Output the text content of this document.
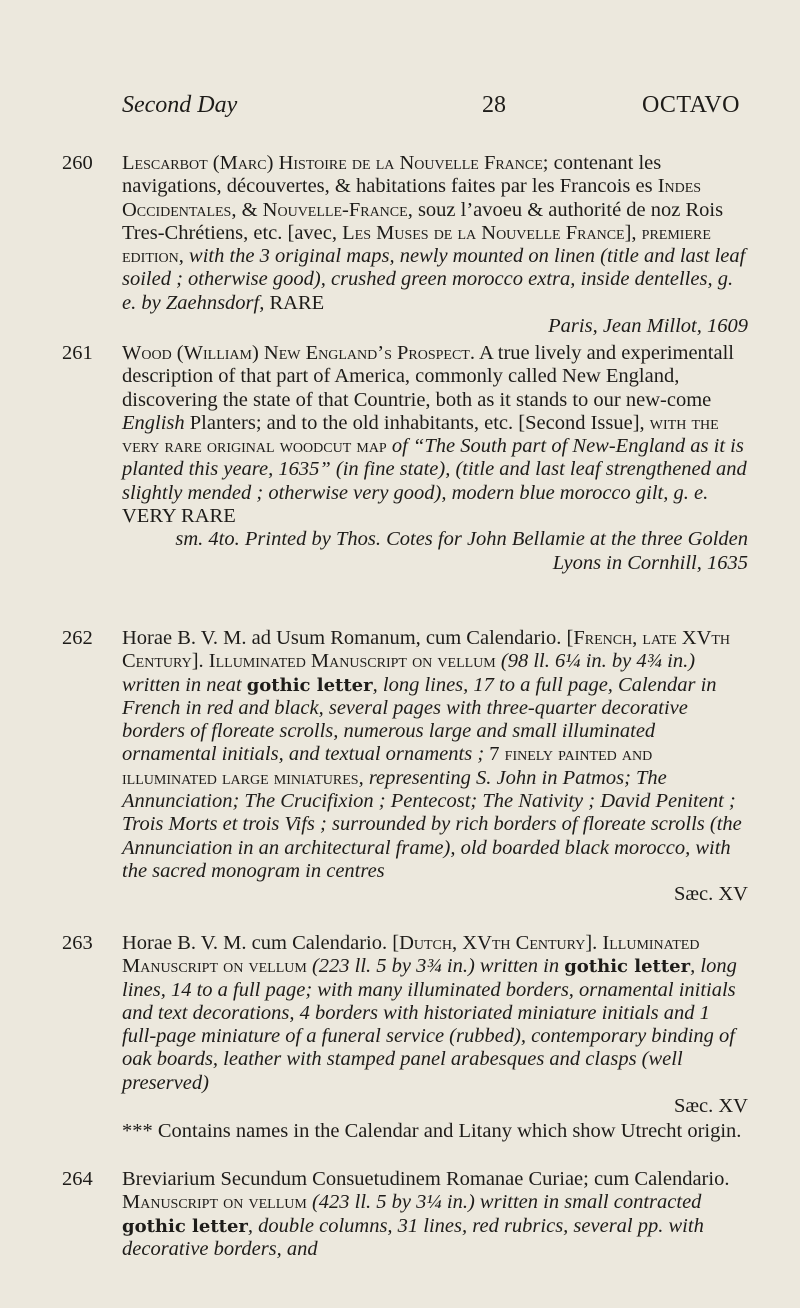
Second Day	28	OCTAVO
260	Lescarbot (Marc) Histoire de la Nouvelle France; contenant les navigations, découvertes, & habitations faites par les Francois es Indes Occidentales, & Nouvelle-France, souz l’avoeu & authorité de noz Rois Tres-Chrétiens, etc. [avec, Les Muses de la Nouvelle France], premiere edition, with the 3 original maps, newly mounted on linen (title and last leaf soiled ; otherwise good), crushed green morocco extra, inside dentelles, g. e. by Zaehnsdorf, RARE
Paris, Jean Millot, 1609
261	Wood (William) New England’s Prospect. A true lively and experimentall description of that part of America, commonly called New England, discovering the state of that Countrie, both as it stands to our new-come English Planters; and to the old inhabitants, etc. [Second Issue], with the very rare original woodcut map of “The South part of New-England as it is planted this yeare, 1635” (in fine state), (title and last leaf strengthened and slightly mended ; otherwise very good), modern blue morocco gilt, g. e. VERY RARE
sm. 4to. Printed by Thos. Cotes for John Bellamie at the three Golden Lyons in Cornhill, 1635
262	Horae B. V. M. ad Usum Romanum, cum Calendario. [French, late XVth Century]. Illuminated Manuscript on vellum (98 ll. 6¼ in. by 4¾ in.) written in neat gothic letter, long lines, 17 to a full page, Calendar in French in red and black, several pages with three-quarter decorative borders of floreate scrolls, numerous large and small illuminated ornamental initials, and textual ornaments ; 7 finely painted and illuminated large miniatures, representing S. John in Patmos; The Annunciation; The Crucifixion ; Pentecost; The Nativity ; David Penitent ; Trois Morts et trois Vifs ; surrounded by rich borders of floreate scrolls (the Annunciation in an architectural frame), old boarded black morocco, with the sacred monogram in centres
Sæc. XV
263	Horae B. V. M. cum Calendario. [Dutch, XVth Century]. Illuminated Manuscript on vellum (223 ll. 5 by 3¾ in.) written in gothic letter, long lines, 14 to a full page; with many illuminated borders, ornamental initials and text decorations, 4 borders with historiated miniature initials and 1 full-page miniature of a funeral service (rubbed), contemporary binding of oak boards, leather with stamped panel arabesques and clasps (well preserved)
Sæc. XV
*** Contains names in the Calendar and Litany which show Utrecht origin.
264	Breviarium Secundum Consuetudinem Romanae Curiae; cum Calendario. Manuscript on vellum (423 ll. 5 by 3¼ in.) written in small contracted gothic letter, double columns, 31 lines, red rubrics, several pp. with decorative borders, and
